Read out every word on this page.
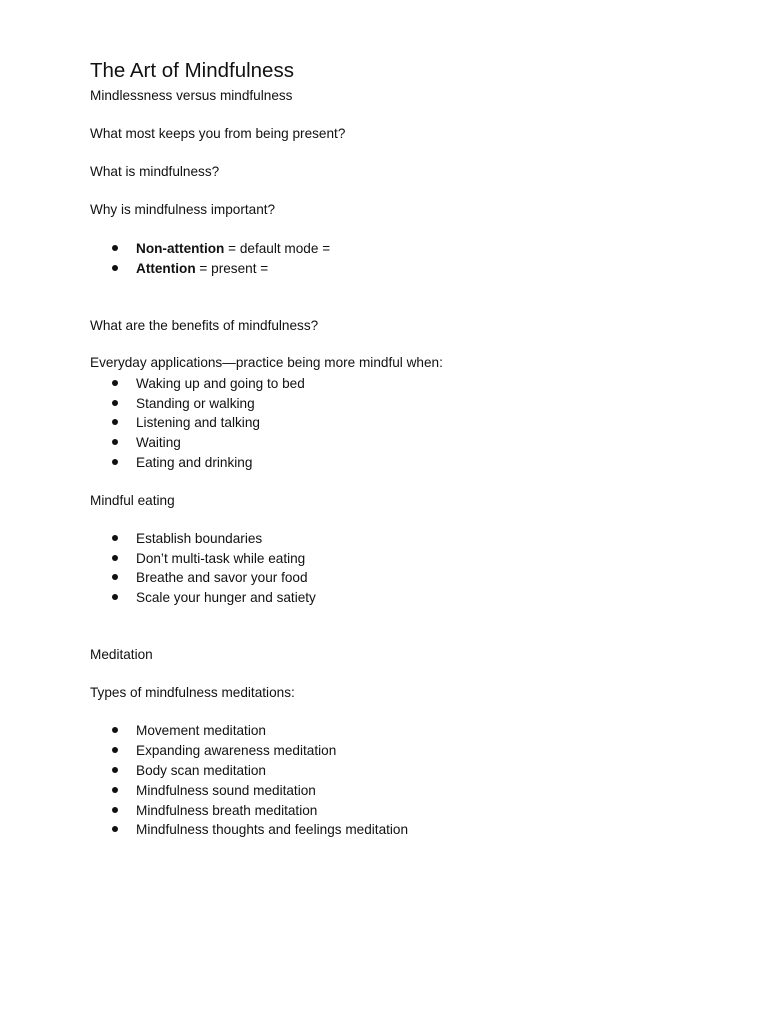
The Art of Mindfulness
Mindlessness versus mindfulness
What most keeps you from being present?
What is mindfulness?
Why is mindfulness important?
Non-attention = default mode =
Attention = present =
What are the benefits of mindfulness?
Everyday applications—practice being more mindful when:
Waking up and going to bed
Standing or walking
Listening and talking
Waiting
Eating and drinking
Mindful eating
Establish boundaries
Don’t multi-task while eating
Breathe and savor your food
Scale your hunger and satiety
Meditation
Types of mindfulness meditations:
Movement meditation
Expanding awareness meditation
Body scan meditation
Mindfulness sound meditation
Mindfulness breath meditation
Mindfulness thoughts and feelings meditation
